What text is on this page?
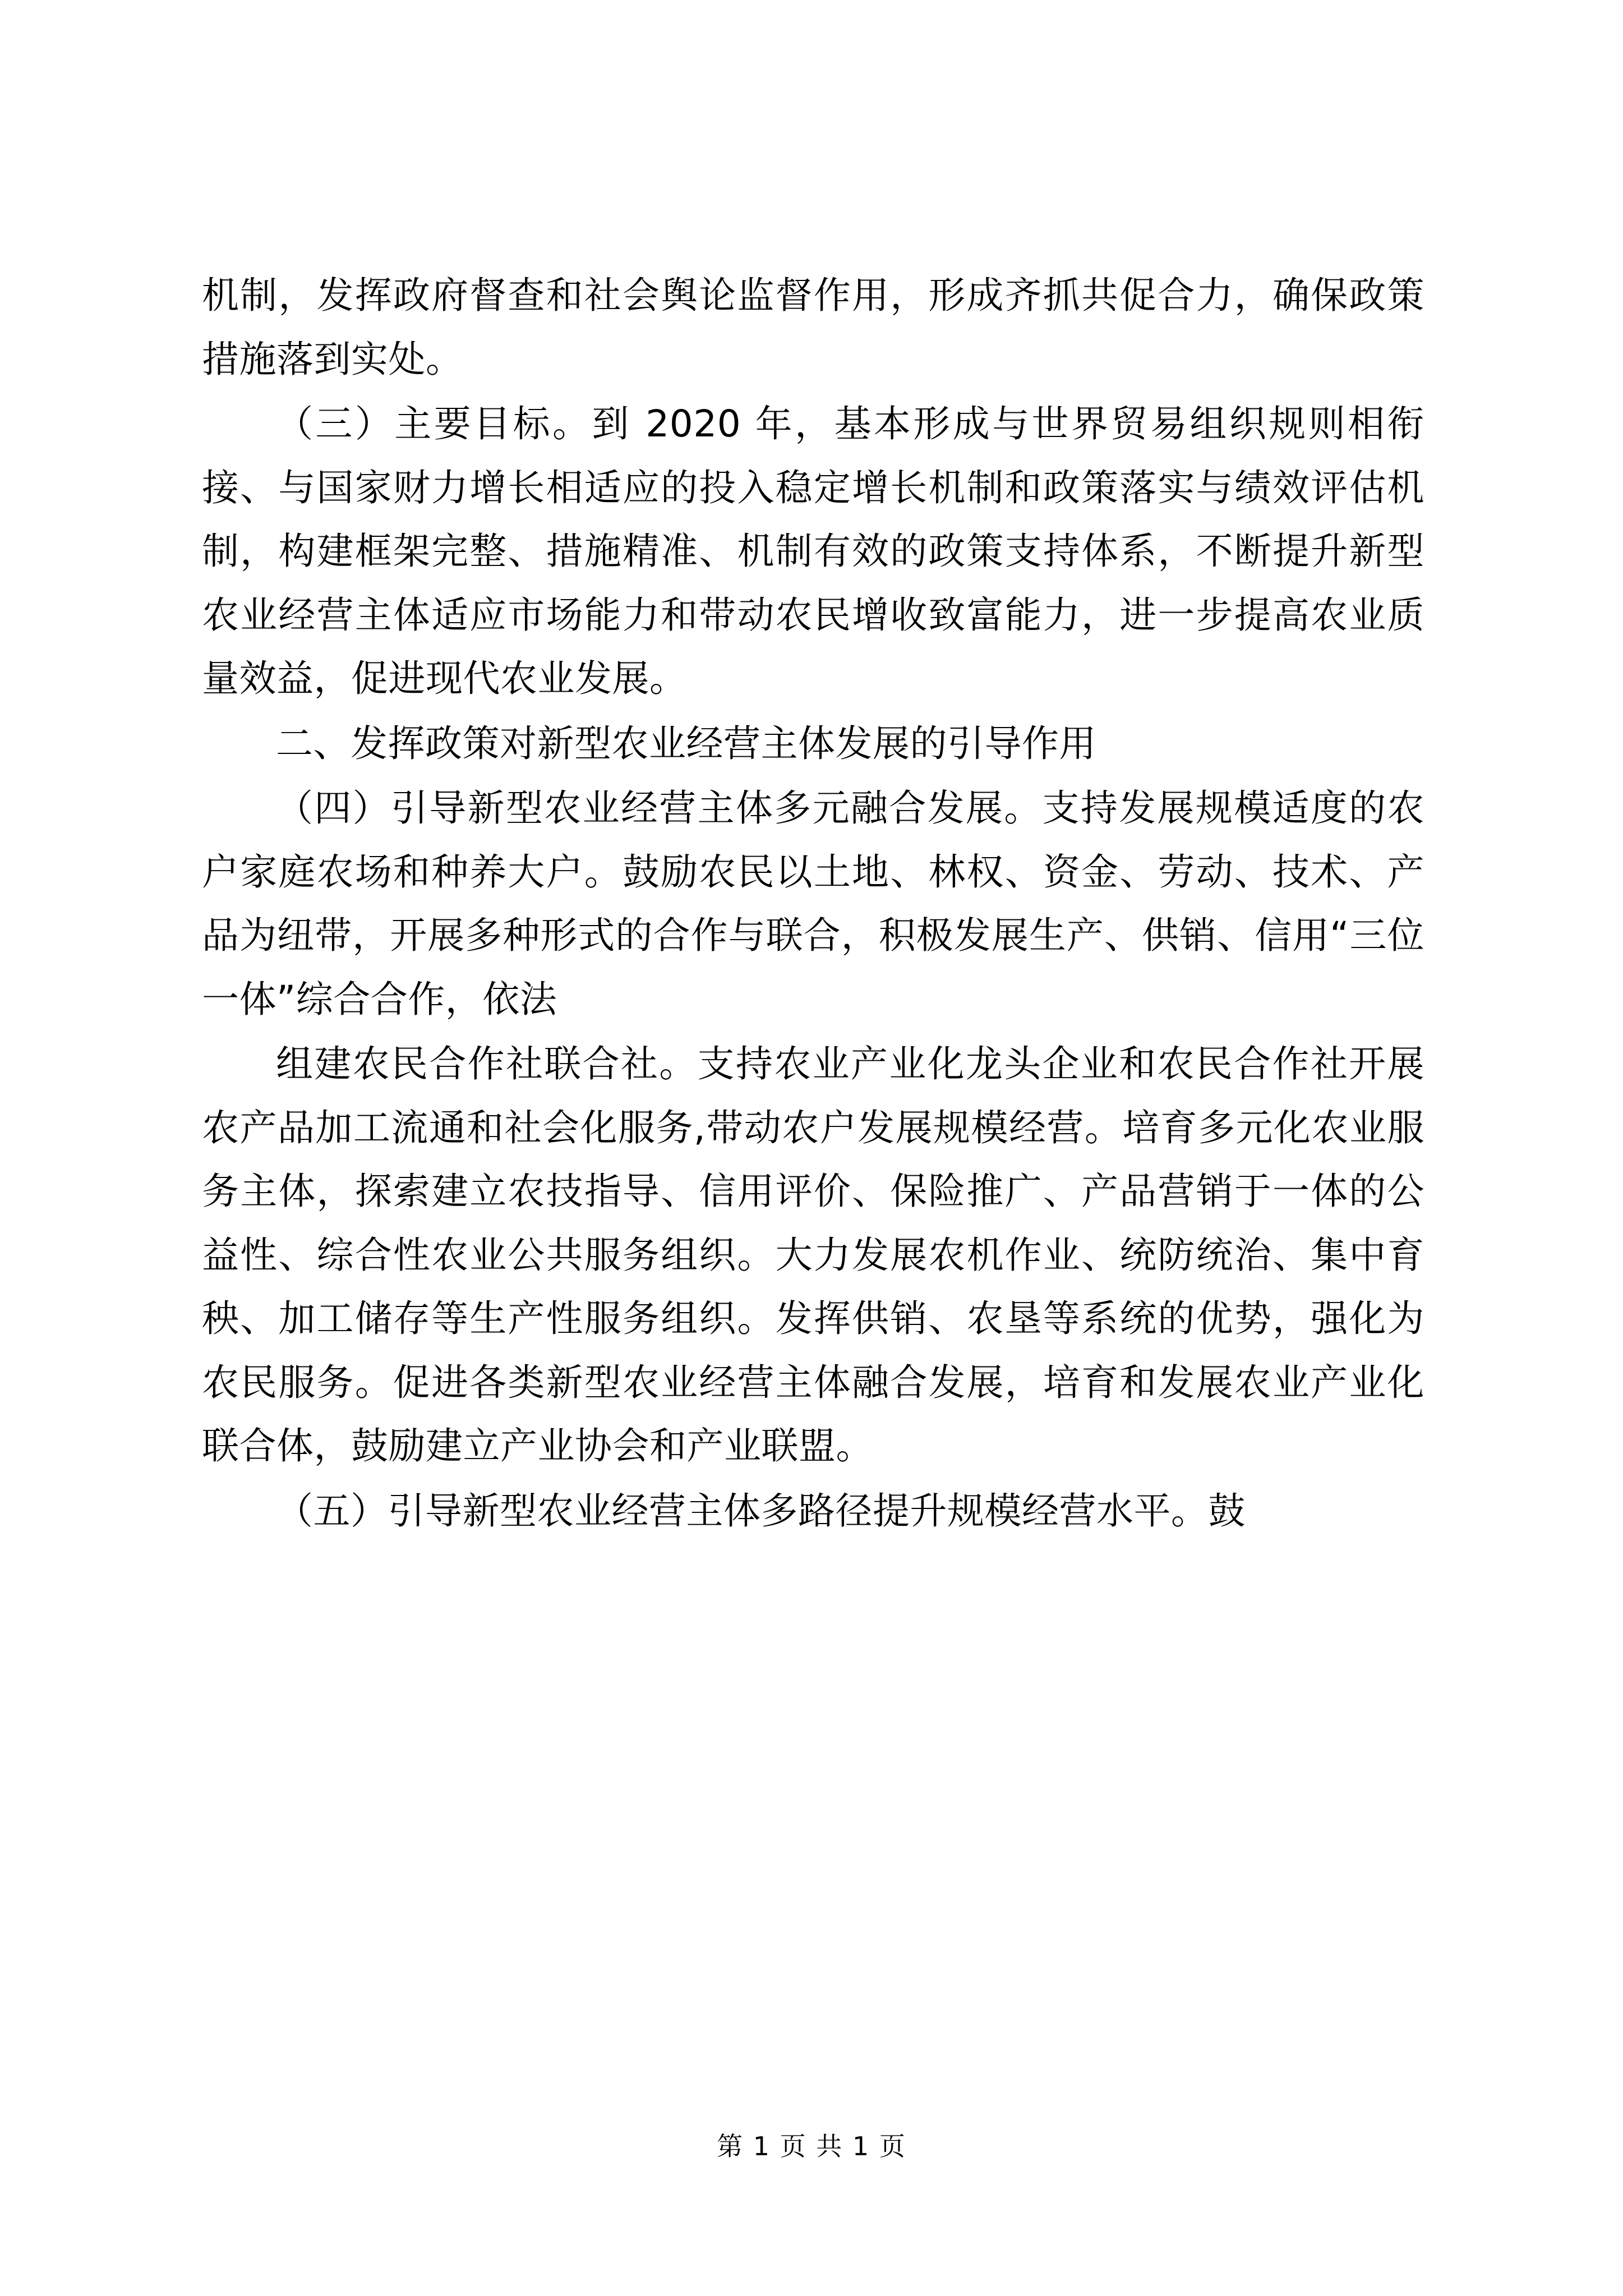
机制，发挥政府督查和社会舆论监督作用，形成齐抓共促合力，确保政策措施落到实处。

（三）主要目标。到 2020 年，基本形成与世界贸易组织规则相衔接、与国家财力增长相适应的投入稳定增长机制和政策落实与绩效评估机制，构建框架完整、措施精准、机制有效的政策支持体系，不断提升新型农业经营主体适应市场能力和带动农民增收致富能力，进一步提高农业质量效益，促进现代农业发展。

二、发挥政策对新型农业经营主体发展的引导作用

（四）引导新型农业经营主体多元融合发展。支持发展规模适度的农户家庭农场和种养大户。鼓励农民以土地、林权、资金、劳动、技术、产品为纽带，开展多种形式的合作与联合，积极发展生产、供销、信用“三位一体”综合合作，依法

组建农民合作社联合社。支持农业产业化龙头企业和农民合作社开展农产品加工流通和社会化服务,带动农户发展规模经营。培育多元化农业服务主体，探索建立农技指导、信用评价、保险推广、产品营销于一体的公益性、综合性农业公共服务组织。大力发展农机作业、统防统治、集中育秧、加工储存等生产性服务组织。发挥供销、农垦等系统的优势，强化为农民服务。促进各类新型农业经营主体融合发展，培育和发展农业产业化联合体，鼓励建立产业协会和产业联盟。

（五）引导新型农业经营主体多路径提升规模经营水平。鼓

第 1 页 共 1 页
